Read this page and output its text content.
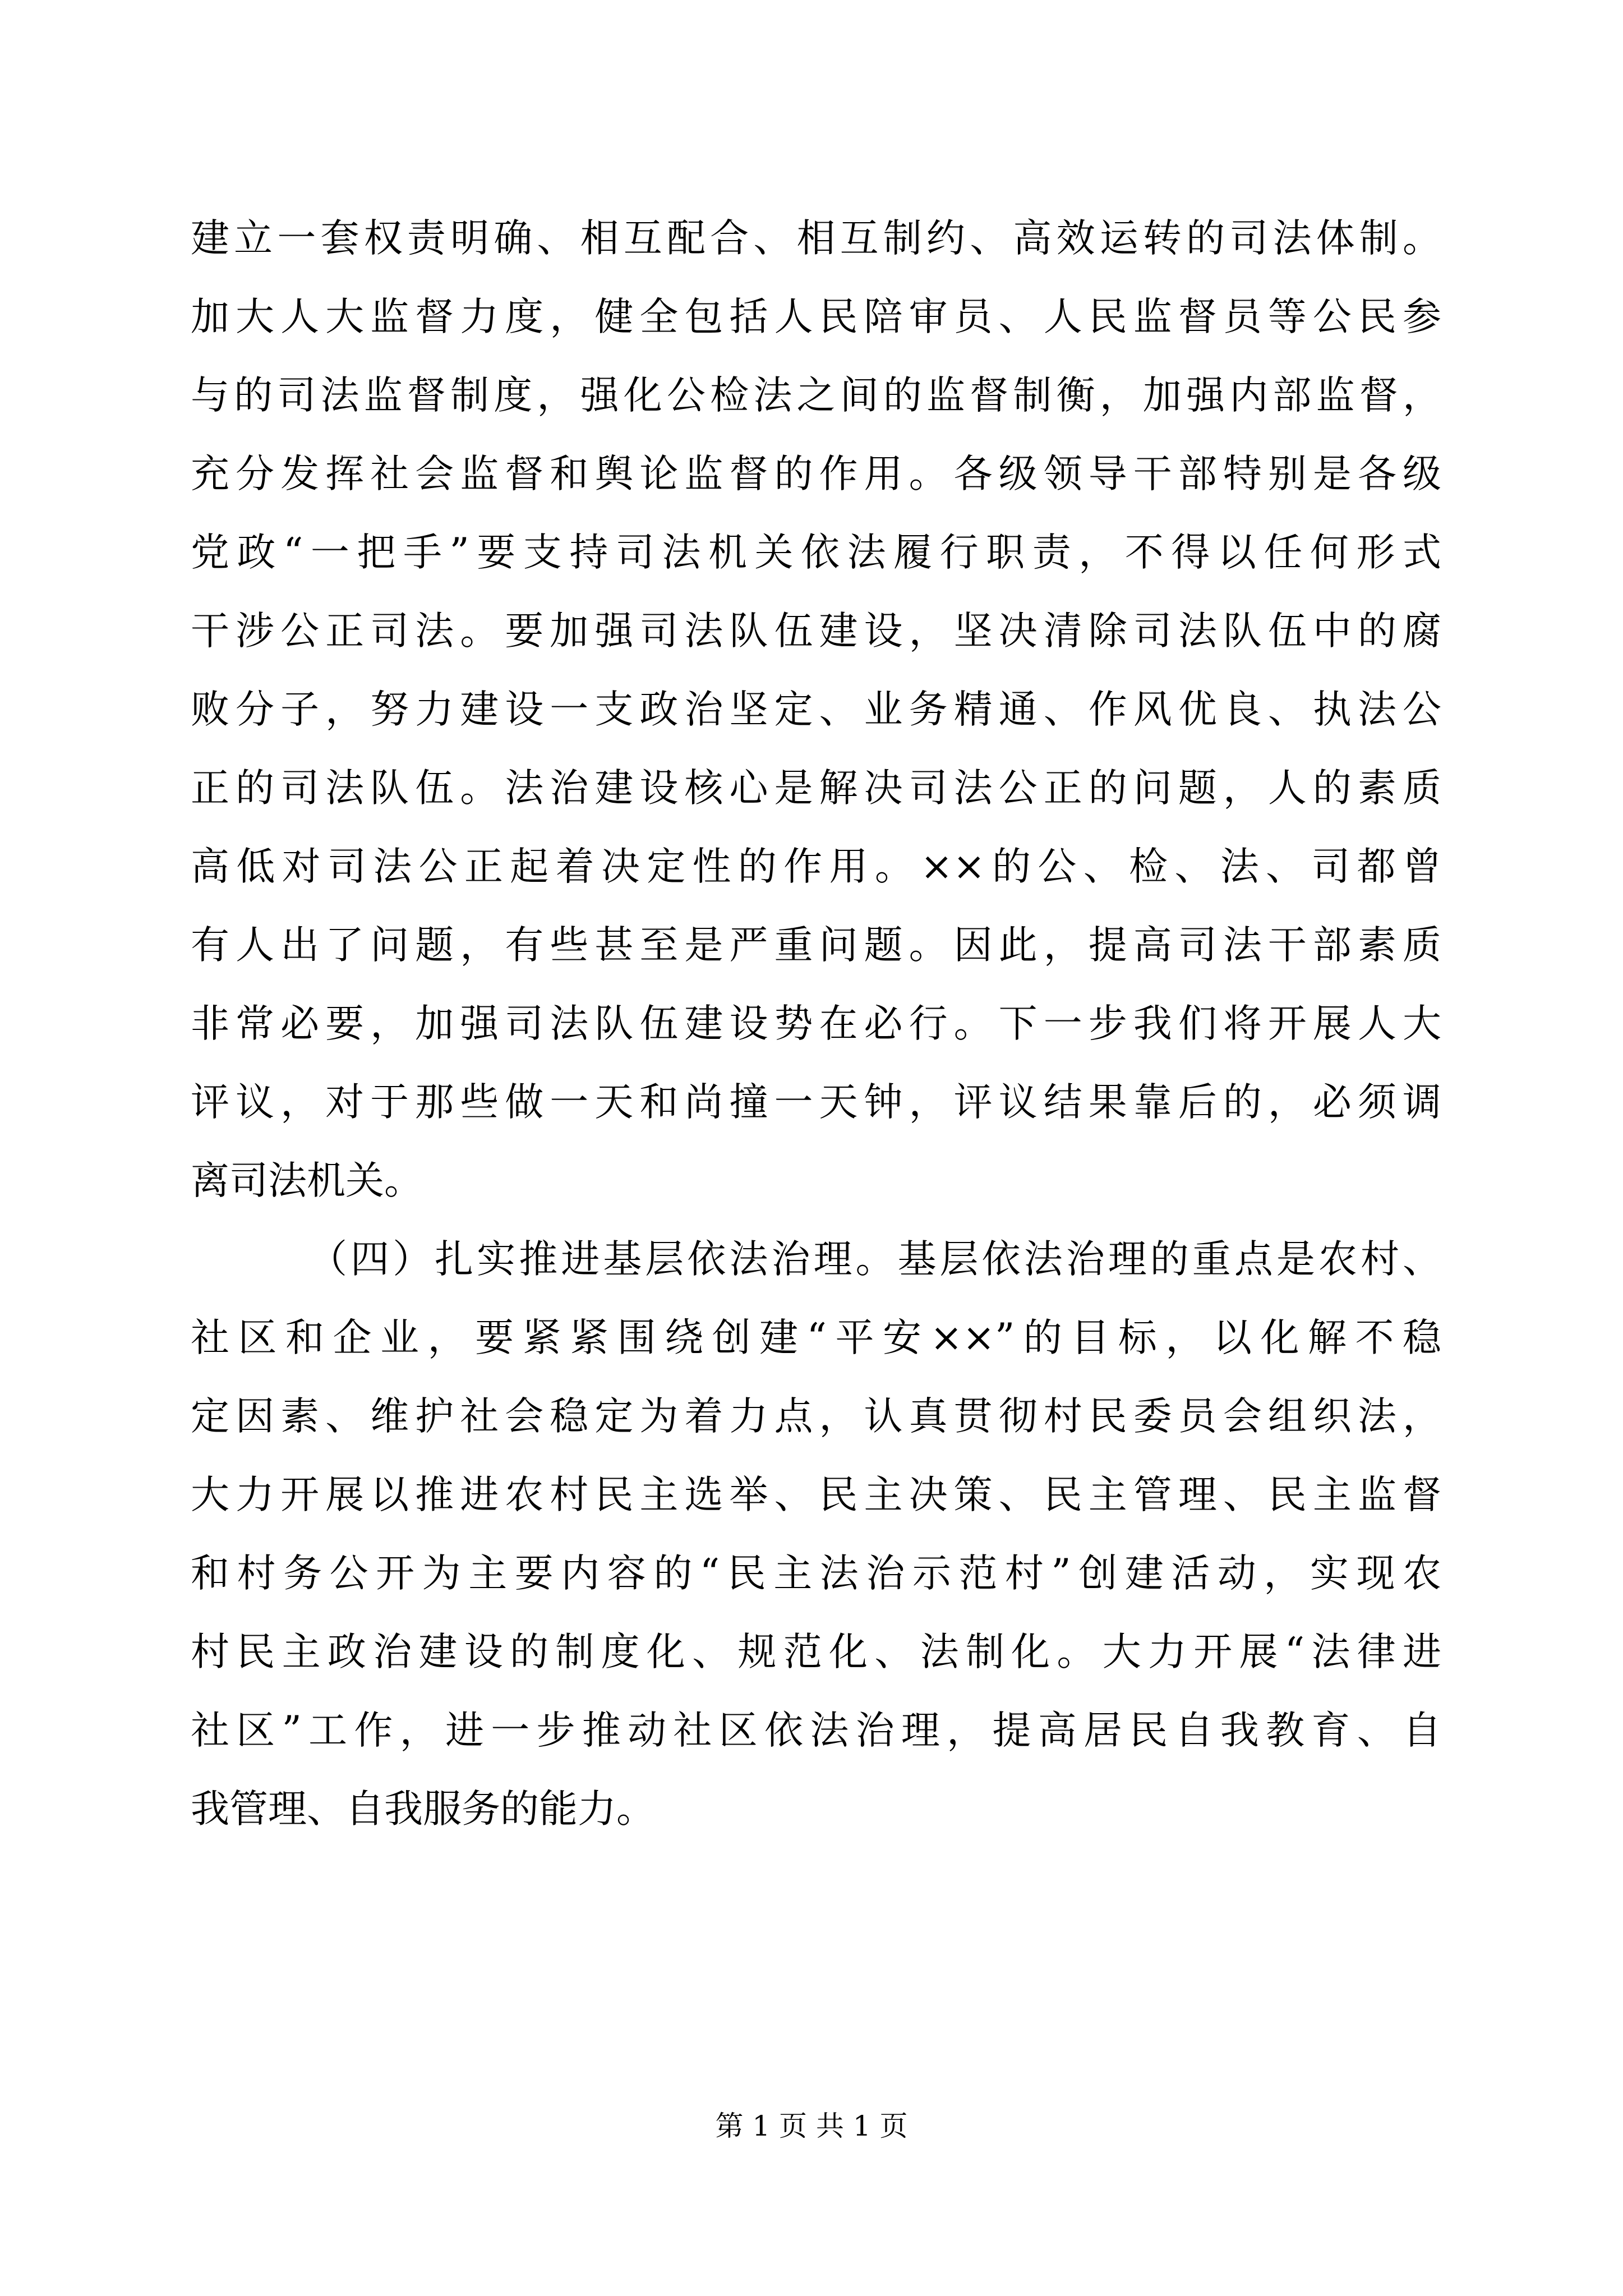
建立一套权责明确、相互配合、相互制约、高效运转的司法体制。
加大人大监督力度，健全包括人民陪审员、人民监督员等公民参
与的司法监督制度，强化公检法之间的监督制衡，加强内部监督，
充分发挥社会监督和舆论监督的作用。各级领导干部特别是各级
党政“一把手”要支持司法机关依法履行职责，不得以任何形式
干涉公正司法。要加强司法队伍建设，坚决清除司法队伍中的腐
败分子，努力建设一支政治坚定、业务精通、作风优良、执法公
正的司法队伍。法治建设核心是解决司法公正的问题，人的素质
高低对司法公正起着决定性的作用。××的公、检、法、司都曾
有人出了问题，有些甚至是严重问题。因此，提高司法干部素质
非常必要，加强司法队伍建设势在必行。下一步我们将开展人大
评议，对于那些做一天和尚撞一天钟，评议结果靠后的，必须调
离司法机关。
（四）扎实推进基层依法治理。基层依法治理的重点是农村、
社区和企业，要紧紧围绕创建“平安××”的目标，以化解不稳
定因素、维护社会稳定为着力点，认真贯彻村民委员会组织法，
大力开展以推进农村民主选举、民主决策、民主管理、民主监督
和村务公开为主要内容的“民主法治示范村”创建活动，实现农
村民主政治建设的制度化、规范化、法制化。大力开展“法律进
社区”工作，进一步推动社区依法治理，提高居民自我教育、自
我管理、自我服务的能力。
第 1 页 共 1 页
